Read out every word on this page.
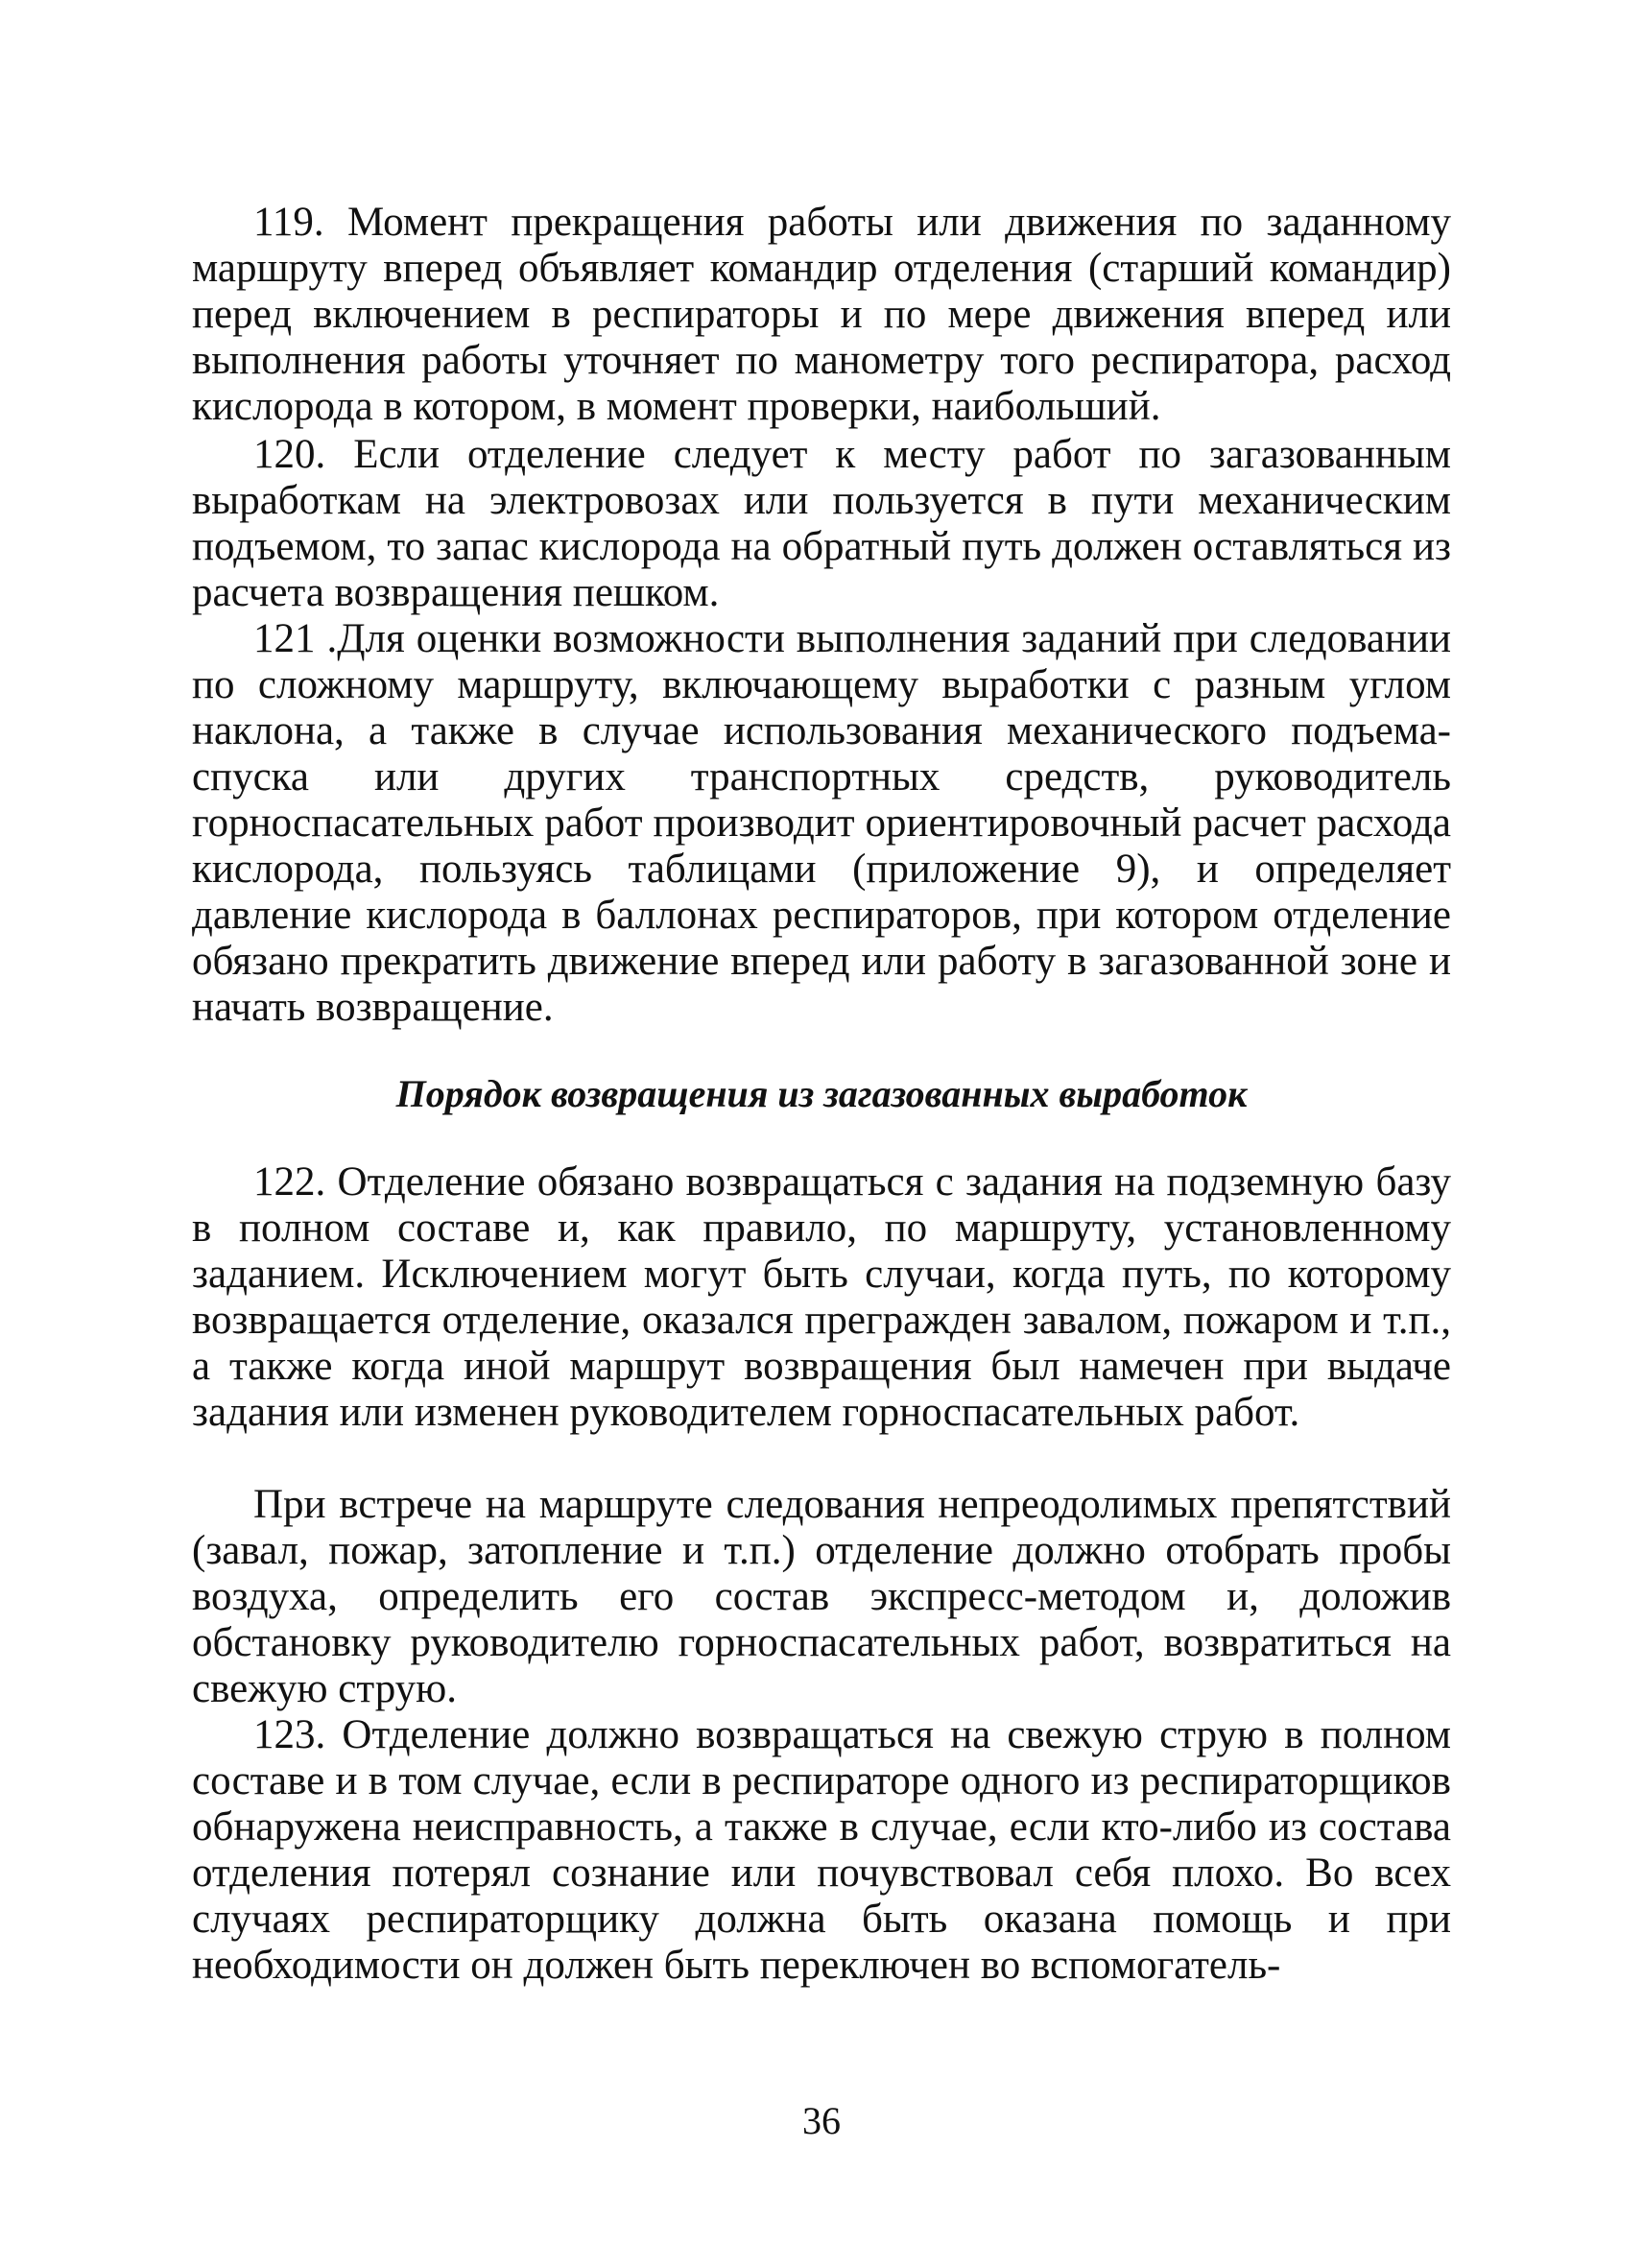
119. Момент прекращения работы или движения по заданному маршруту вперед объявляет командир отделения (старший командир) перед включением в респираторы и по мере движения вперед или выполнения работы уточняет по манометру того респиратора, расход кислорода в котором, в момент проверки, наибольший.

120. Если отделение следует к месту работ по загазованным выработкам на электровозах или пользуется в пути механическим подъемом, то запас кислорода на обратный путь должен оставляться из расчета возвращения пешком.

121 .Для оценки возможности выполнения заданий при следовании по сложному маршруту, включающему выработки с разным углом наклона, а также в случае использования механического подъема-спуска или других транспортных средств, руководитель горноспасательных работ производит ориентировочный расчет расхода кислорода, пользуясь таблицами (приложение 9), и определяет давление кислорода в баллонах респираторов, при котором отделение обязано прекратить движение вперед или работу в загазованной зоне и начать возвращение.

Порядок возвращения из загазованных выработок

122. Отделение обязано возвращаться с задания на подземную базу в полном составе и, как правило, по маршруту, установленному заданием. Исключением могут быть случаи, когда путь, по которому возвращается отделение, оказался прегражден завалом, пожаром и т.п., а также когда иной маршрут возвращения был намечен при выдаче задания или изменен руководителем горноспасательных работ.

При встрече на маршруте следования непреодолимых препятствий (завал, пожар, затопление и т.п.) отделение должно отобрать пробы воздуха, определить его состав экспресс-методом и, доложив обстановку руководителю горноспасательных работ, возвратиться на свежую струю.

123. Отделение должно возвращаться на свежую струю в полном составе и в том случае, если в респираторе одного из респираторщиков обнаружена неисправность, а также в случае, если кто-либо из состава отделения потерял сознание или почувствовал себя плохо. Во всех случаях респираторщику должна быть оказана помощь и при необходимости он должен быть переключен во вспомогатель-

36
